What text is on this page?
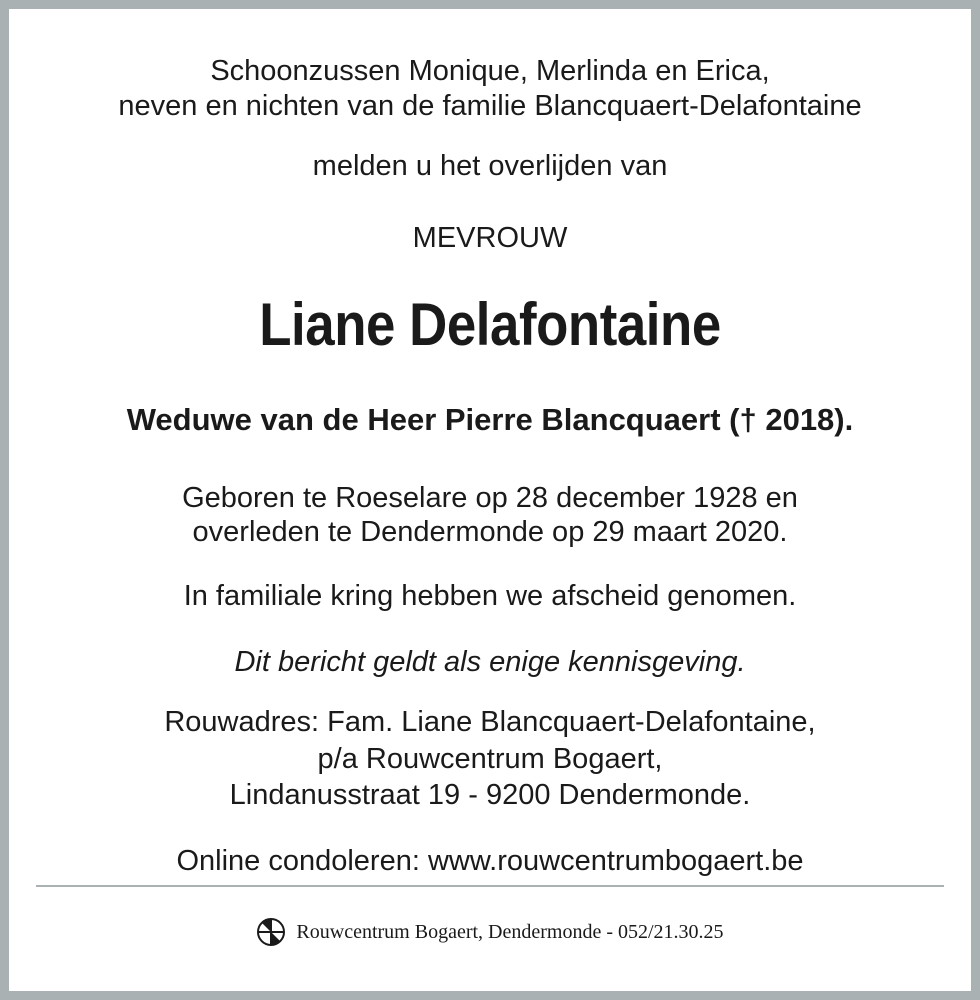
Schoonzussen Monique, Merlinda en Erica,
neven en nichten van de familie Blancquaert-Delafontaine
melden u het overlijden van
MEVROUW
Liane Delafontaine
Weduwe van de Heer Pierre Blancquaert († 2018).
Geboren te Roeselare op 28 december 1928 en
overleden te Dendermonde op 29 maart 2020.
In familiale kring hebben we afscheid genomen.
Dit bericht geldt als enige kennisgeving.
Rouwadres: Fam. Liane Blancquaert-Delafontaine,
p/a Rouwcentrum Bogaert,
Lindanusstraat 19 - 9200 Dendermonde.
Online condoleren: www.rouwcentrumbogaert.be
Rouwcentrum Bogaert, Dendermonde - 052/21.30.25
